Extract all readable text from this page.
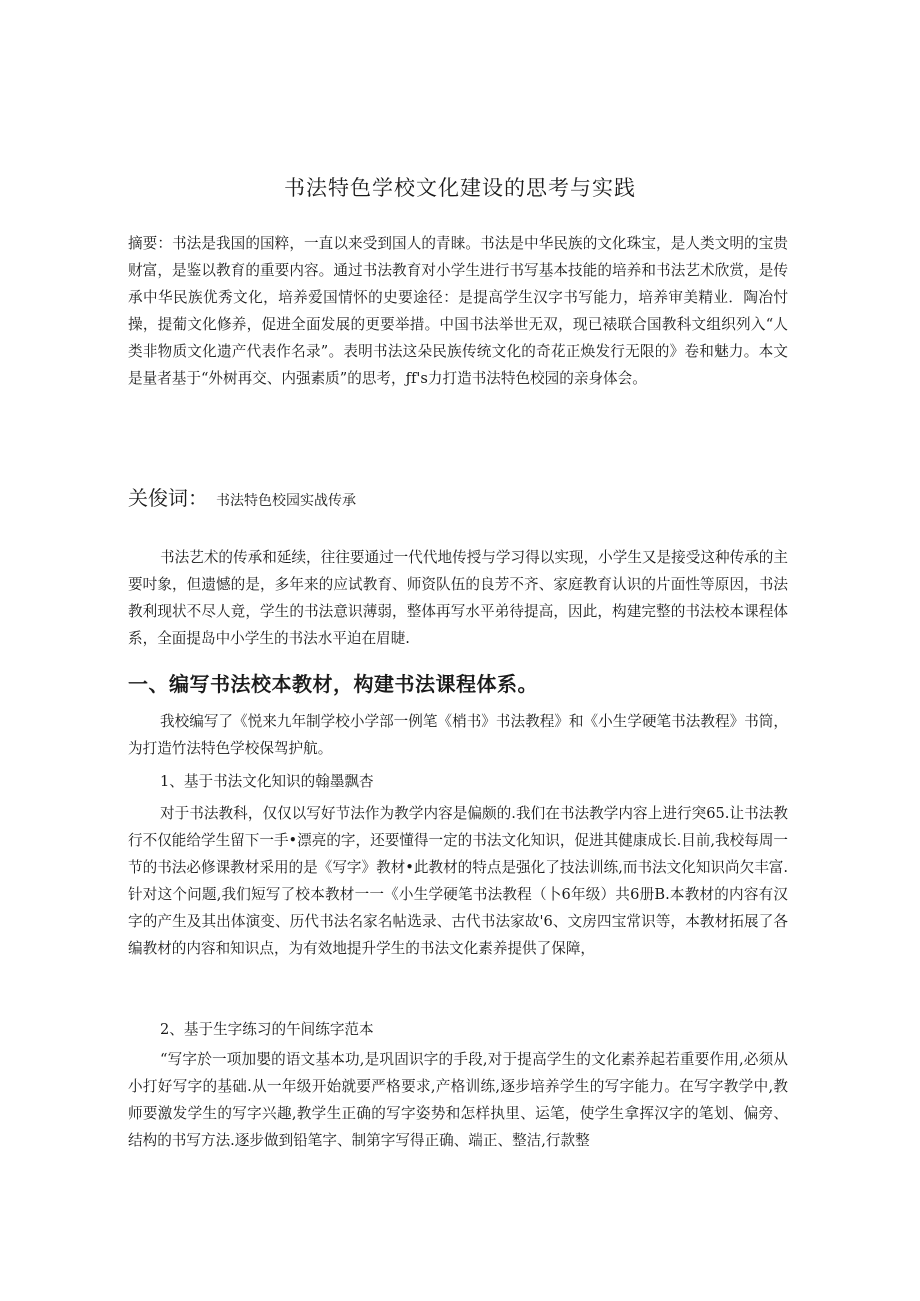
书法特色学校文化建设的思考与实践

摘要：书法是我国的国粹，一直以来受到国人的青睐。书法是中华民族的文化珠宝，是人类文明的宝贵财富，是鉴以教育的重要内容。通过书法教育对小学生进行书写基本技能的培养和书法艺术欣赏，是传承中华民族优秀文化，培养爱国情怀的史要途径：是提高学生汉字书写能力，培养审美精业．陶冶忖操，提葡文化修养，促进全面发展的更要举措。中国书法举世无双，现已裱联合国教科文组织列入“人类非物质文化遗产代表作名录”。表明书法这朵民族传统文化的奇花正焕发行无限的》卷和魅力。本文是量者基于“外树再交、内强素质”的思考，ƒf's力打造书法特色校园的亲身体会。

关俊词： 书法特色校园实战传承

书法艺术的传承和延续，往往要通过一代代地传授与学习得以实现，小学生又是接受这种传承的主要吋象，但遗憾的是，多年来的应试教育、师资队伍的良芳不齐、家庭教育认识的片面性等原因，书法教利现状不尽人竟，学生的书法意识薄弱，整体再写水平弟待提高，因此，构建完整的书法校本课程体系，全面提岛中小学生的书法水平迫在眉睫.

一、编写书法校本教材，构建书法课程体系。

我校编写了《悦来九年制学校小学部一例笔《梢书》书法教程》和《小生学硬笔书法教程》书筒，为打造竹法特色学校保驾护航。

1、基于书法文化知识的翰墨飘杏

对于书法教科，仅仅以写好节法作为教学内容是偏颇的.我们在书法教学内容上进行突65.让书法教行不仅能给学生留下一手•漂亮的字，还要懂得一定的书法文化知识，促进其健康成长.目前,我校每周一节的书法必修课教材采用的是《写字》教材•此教材的特点是强化了技法训练,而书法文化知识尚欠丰富.针对这个问题,我们短写了校本教材一一《小生学硬笔书法教程（卜6年级）共6册B.本教材的内容有汉字的产生及其出体演变、历代书法名家名帖选录、古代书法家故'6、文房四宝常识等，本教材拓展了各编教材的内容和知识点，为有效地提升学生的书法文化素养提供了保障，

2、基于生字练习的午间练字范本

“写字於一项加嬰的语文基本功,是巩固识字的手段,对于提高学生的文化素养起若重要作用,必须从小打好写字的基础.从一年级开始就要严格要求,产格训练,逐步培养学生的写字能力。在写字教学中,教师要激发学生的写字兴趣,教学生正确的写字姿势和怎样执里、运笔，使学生拿挥汉字的笔划、偏旁、结构的书写方法.逐步做到铅笔字、制第字写得正确、端正、整洁,行款整
